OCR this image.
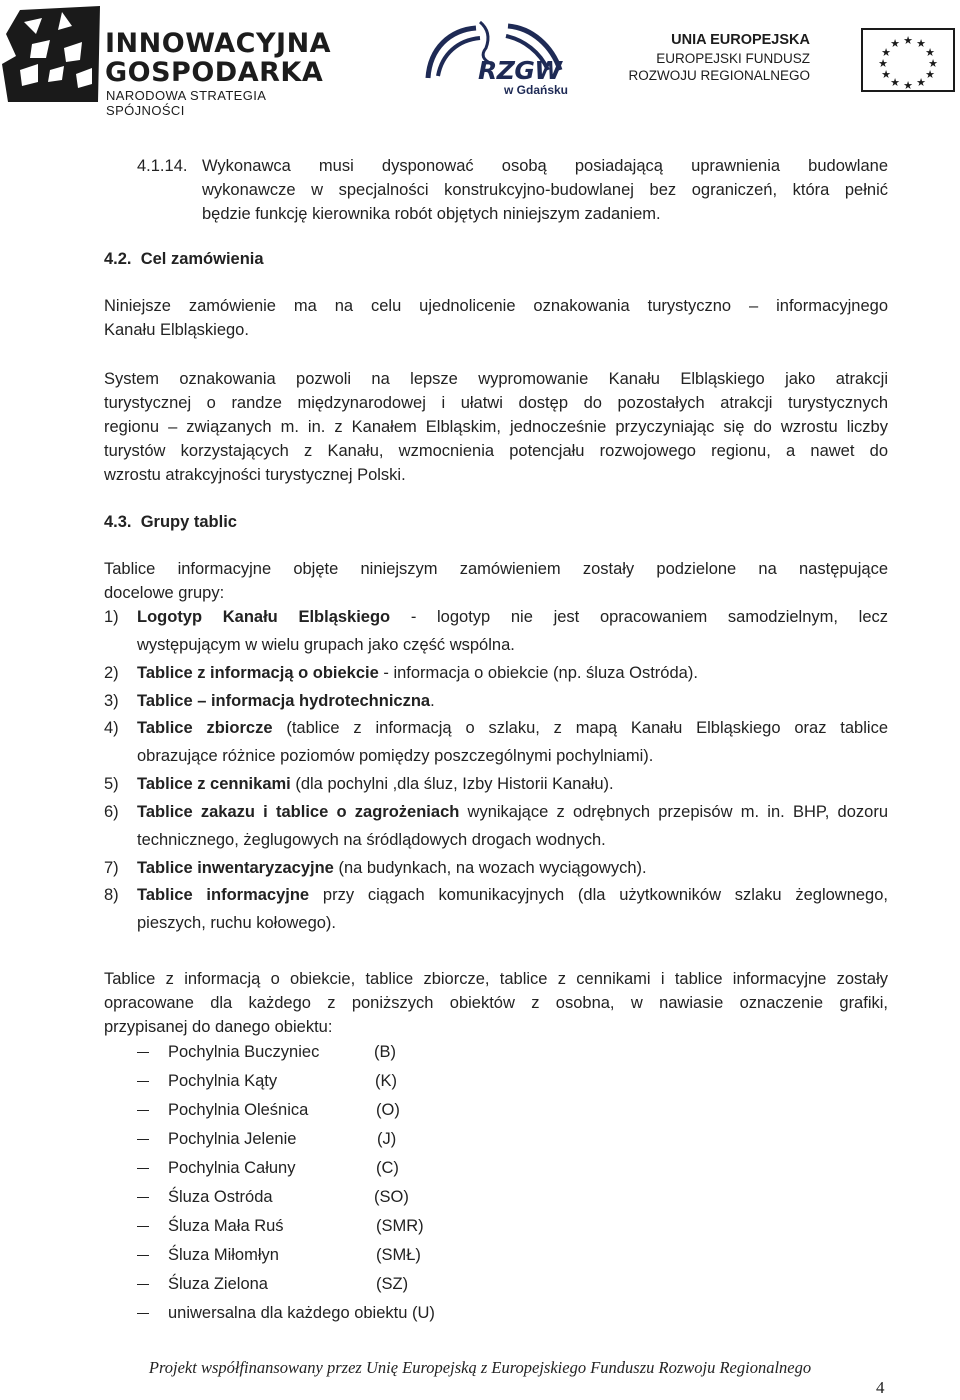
INNOWACYJNA
GOSPODARKA
NARODOWA STRATEGIA SPÓJNOŚCI
RZGW
w Gdańsku
UNIA EUROPEJSKA
EUROPEJSKI FUNDUSZ
ROZWOJU REGIONALNEGO
★ ★
★
★
★
★
★
★
★
★
★
★
4.1.14. Wykonawca musi dysponować osobą posiadającą uprawnienia budowlane
wykonawcze w specjalności konstrukcyjno-budowlanej bez ograniczeń, która pełnić
będzie funkcję kierownika robót objętych niniejszym zadaniem.
4.2.  Cel zamówienia
Niniejsze zamówienie ma na celu ujednolicenie oznakowania turystyczno – informacyjnego
Kanału Elbląskiego.
System oznakowania pozwoli na lepsze wypromowanie Kanału Elbląskiego jako atrakcji
turystycznej o randze międzynarodowej i ułatwi dostęp do pozostałych atrakcji turystycznych
regionu – związanych m. in. z Kanałem Elbląskim, jednocześnie przyczyniając się do wzrostu liczby
turystów korzystających z Kanału, wzmocnienia potencjału rozwojowego regionu, a nawet do
wzrostu atrakcyjności turystycznej Polski.
4.3.  Grupy tablic
Tablice informacyjne objęte niniejszym zamówieniem zostały podzielone na następujące
docelowe grupy:
1) Logotyp Kanału Elbląskiego - logotyp nie jest opracowaniem samodzielnym, lecz
występującym w wielu grupach jako część wspólna.
2) Tablice z informacją o obiekcie - informacja o obiekcie (np. śluza Ostróda).
3) Tablice – informacja hydrotechniczna.
4) Tablice zbiorcze (tablice z informacją o szlaku, z mapą Kanału Elbląskiego oraz tablice
obrazujące różnice poziomów pomiędzy poszczególnymi pochylniami).
5) Tablice z cennikami (dla pochylni ,dla śluz, Izby Historii Kanału).
6) Tablice zakazu i tablice o zagrożeniach wynikające z odrębnych przepisów m. in. BHP, dozoru
technicznego, żeglugowych na śródlądowych drogach wodnych.
7) Tablice inwentaryzacyjne (na budynkach, na wozach wyciągowych).
8) Tablice informacyjne przy ciągach komunikacyjnych (dla użytkowników szlaku żeglownego,
pieszych, ruchu kołowego).
Tablice z informacją o obiekcie, tablice zbiorcze, tablice z cennikami i tablice informacyjne zostały
opracowane dla każdego z poniższych obiektów z osobna, w nawiasie oznaczenie grafiki,
przypisanej do danego obiektu:
Pochylnia Buczyniec	(B)
Pochylnia Kąty	(K)
Pochylnia Oleśnica	(O)
Pochylnia Jelenie	(J)
Pochylnia Całuny	(C)
Śluza Ostróda	(SO)
Śluza Mała Ruś	(SMR)
Śluza Miłomłyn	(SMŁ)
Śluza Zielona	(SZ)
uniwersalna dla każdego obiektu (U)
Projekt współfinansowany przez Unię Europejską z Europejskiego Funduszu Rozwoju Regionalnego
4
